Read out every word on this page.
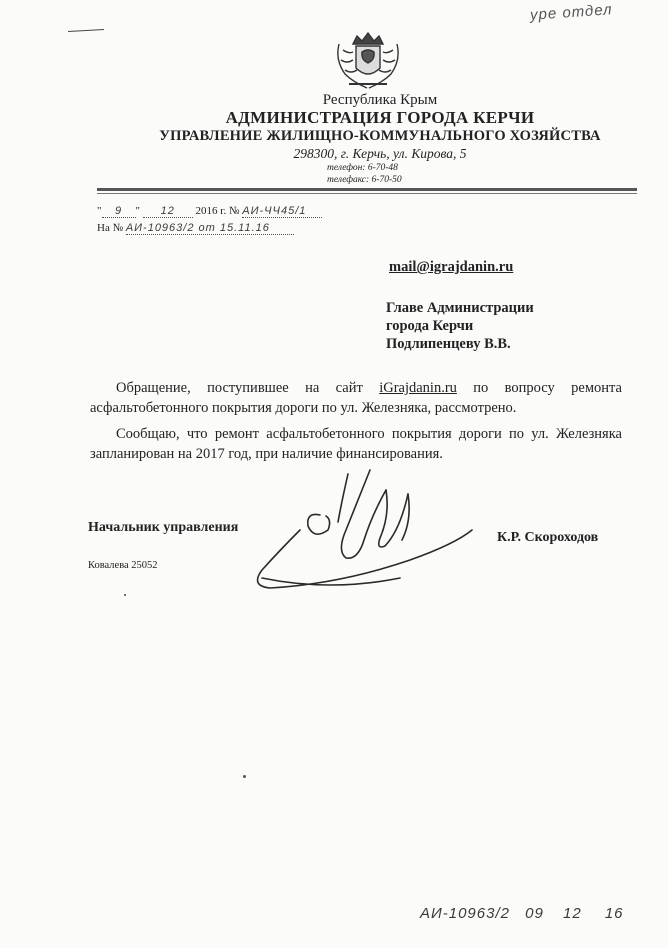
уре отдел
Республика Крым
АДМИНИСТРАЦИЯ ГОРОДА КЕРЧИ
УПРАВЛЕНИЕ ЖИЛИЩНО-КОММУНАЛЬНОГО ХОЗЯЙСТВА
298300, г. Керчь, ул. Кирова, 5
телефон: 6-70-48
телефакс: 6-70-50
" 9 " 12 2016 г. № АИ-ЧЧ45/1
На № АИ-10963/2 от 15.11.16
mail@igrajdanin.ru
Главе Администрации
города Керчи
Подлипенцеву В.В.
Обращение, поступившее на сайт iGrajdanin.ru по вопросу ремонта асфальтобетонного покрытия дороги по ул. Железняка, рассмотрено.
Сообщаю, что ремонт асфальтобетонного покрытия дороги по ул. Железняка запланирован на 2017 год, при наличие финансирования.
Начальник управления
К.Р. Скороходов
Ковалева 25052
АИ-10963/2 09 12 16
